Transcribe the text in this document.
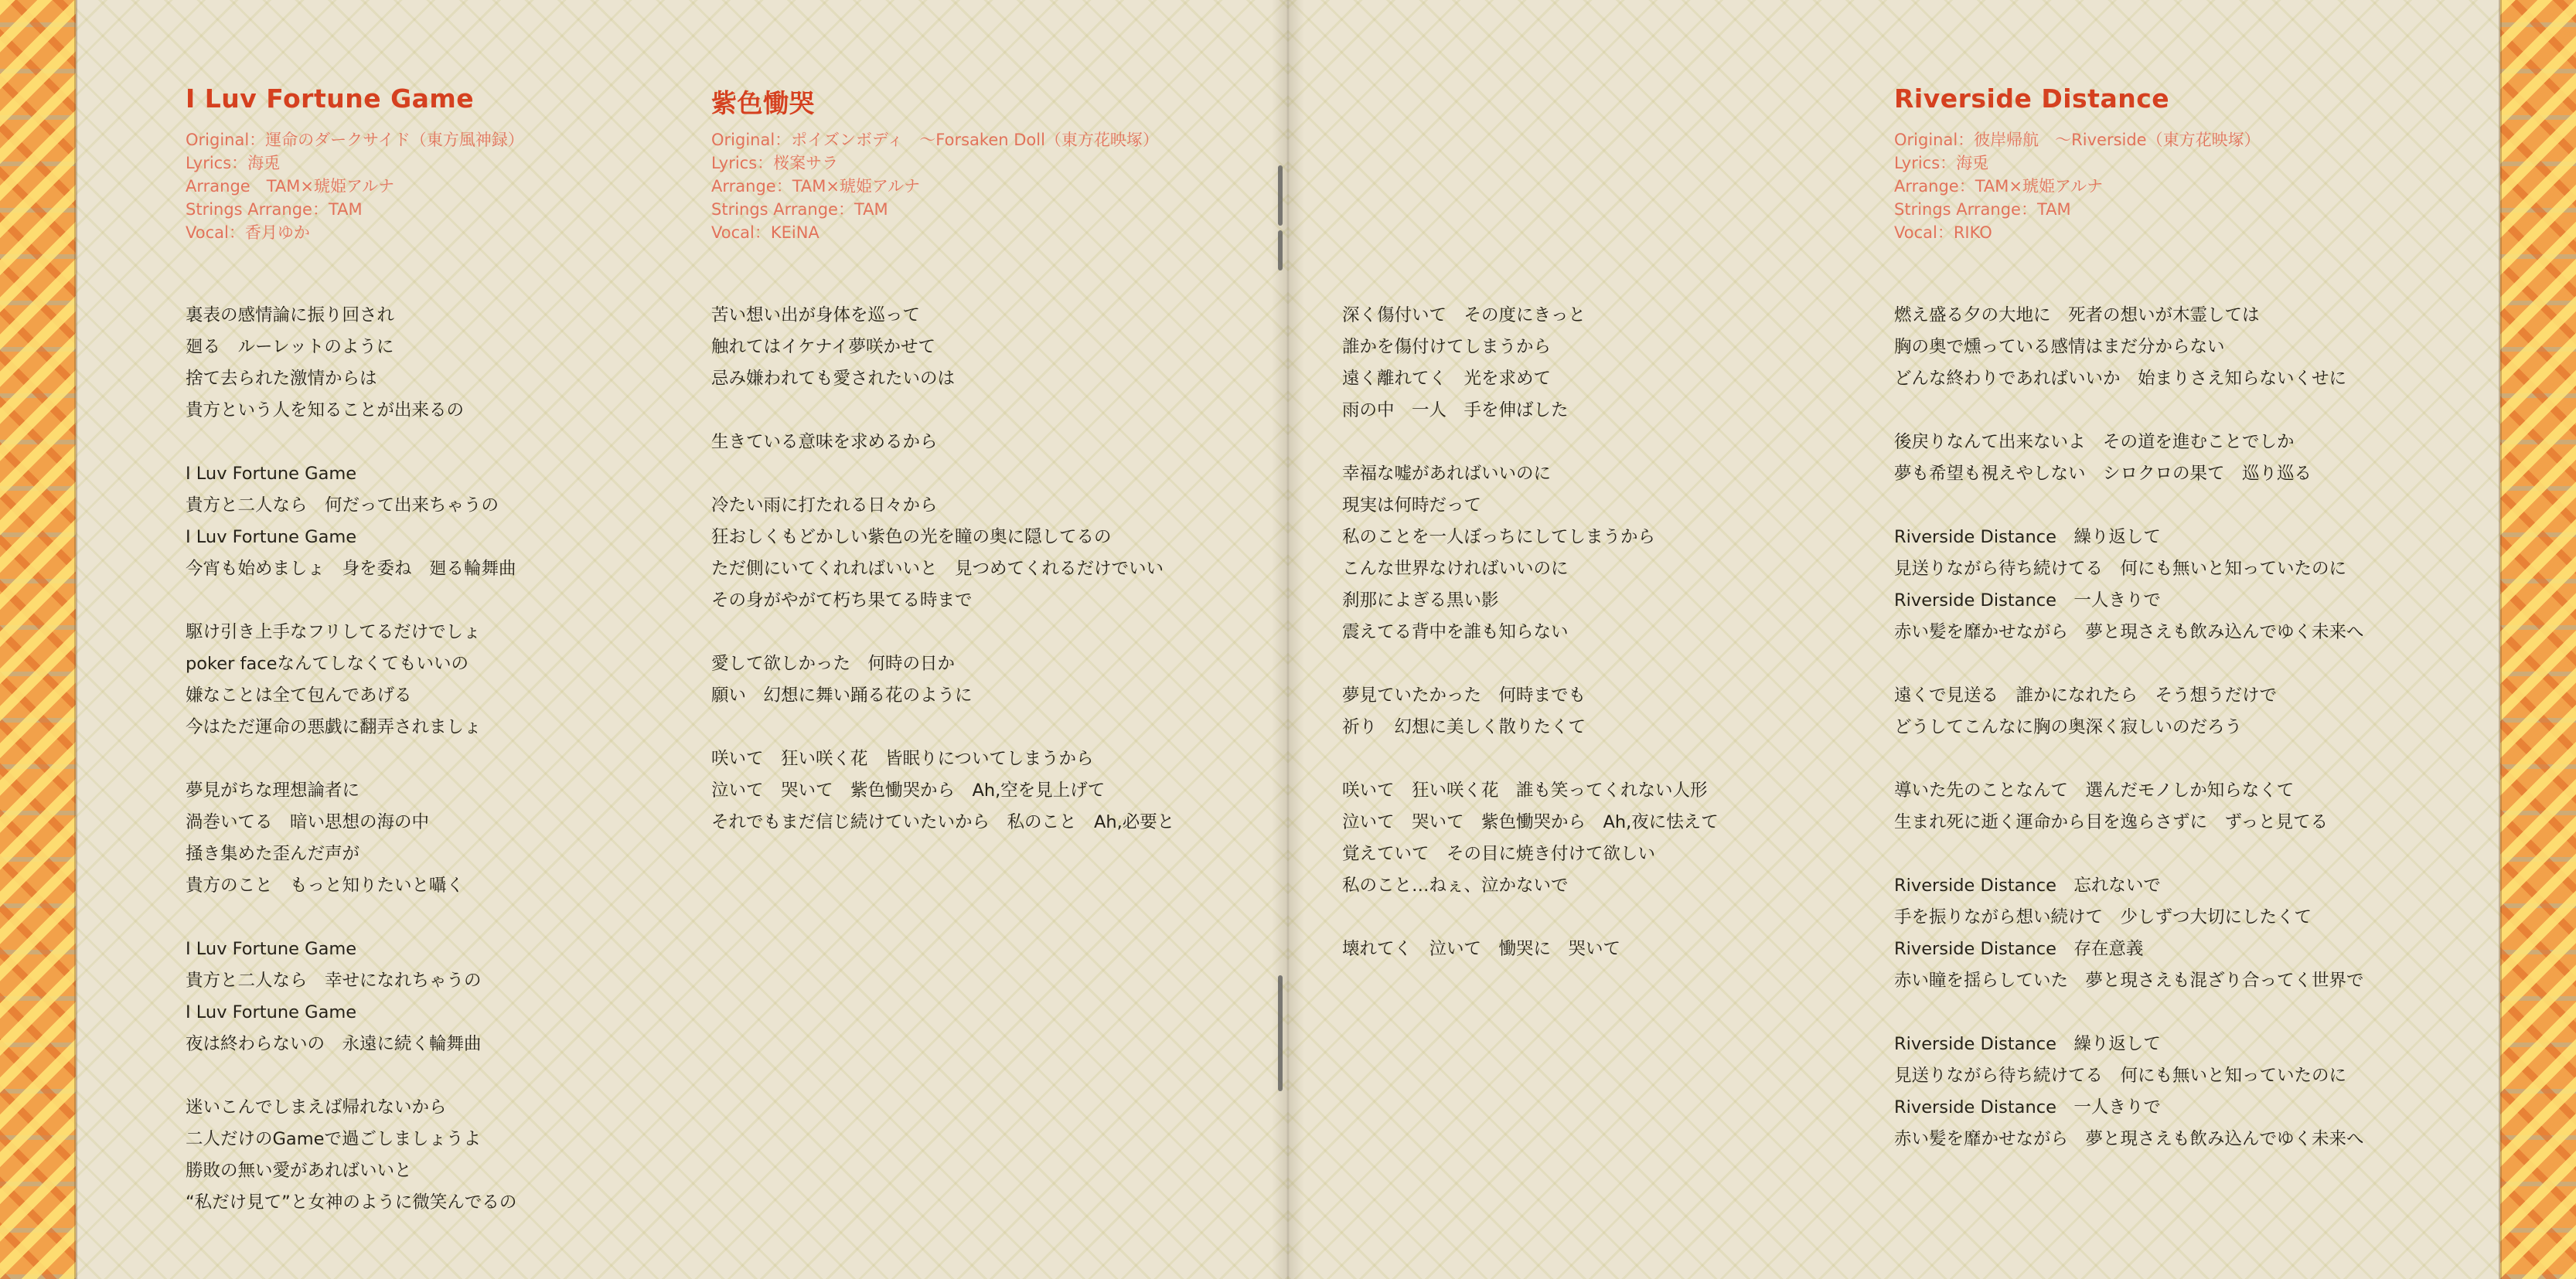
I Luv Fortune Game
Original：運命のダークサイド（東方風神録）
Lyrics：海兎
Arrange　TAM×琥姫アルナ
Strings Arrange：TAM
Vocal：香月ゆか
裏表の感情論に振り回され
廻る　ルーレットのように
捨て去られた激情からは
貴方という人を知ることが出来るの
I Luv Fortune Game
貴方と二人なら　何だって出来ちゃうの
I Luv Fortune Game
今宵も始めましょ　身を委ね　廻る輪舞曲
駆け引き上手なフリしてるだけでしょ
poker faceなんてしなくてもいいの
嫌なことは全て包んであげる
今はただ運命の悪戯に翻弄されましょ
夢見がちな理想論者に
渦巻いてる　暗い思想の海の中
掻き集めた歪んだ声が
貴方のこと　もっと知りたいと囁く
I Luv Fortune Game
貴方と二人なら　幸せになれちゃうの
I Luv Fortune Game
夜は終わらないの　永遠に続く輪舞曲
迷いこんでしまえば帰れないから
二人だけのGameで過ごしましょうよ
勝敗の無い愛があればいいと
“私だけ見て”と女神のように微笑んでるの
紫色慟哭
Original：ポイズンボディ　～Forsaken Doll（東方花映塚）
Lyrics：桜案サラ
Arrange：TAM×琥姫アルナ
Strings Arrange：TAM
Vocal：KEiNA
苦い想い出が身体を巡って
触れてはイケナイ夢咲かせて
忌み嫌われても愛されたいのは
生きている意味を求めるから
冷たい雨に打たれる日々から
狂おしくもどかしい紫色の光を瞳の奥に隠してるの
ただ側にいてくれればいいと　見つめてくれるだけでいい
その身がやがて朽ち果てる時まで
愛して欲しかった　何時の日か
願い　幻想に舞い踊る花のように
咲いて　狂い咲く花　皆眠りについてしまうから
泣いて　哭いて　紫色慟哭から　Ah,空を見上げて
それでもまだ信じ続けていたいから　私のこと　Ah,必要と
深く傷付いて　その度にきっと
誰かを傷付けてしまうから
遠く離れてく　光を求めて
雨の中　一人　手を伸ばした
幸福な嘘があればいいのに
現実は何時だって
私のことを一人ぼっちにしてしまうから
こんな世界なければいいのに
刹那によぎる黒い影
震えてる背中を誰も知らない
夢見ていたかった　何時までも
祈り　幻想に美しく散りたくて
咲いて　狂い咲く花　誰も笑ってくれない人形
泣いて　哭いて　紫色慟哭から　Ah,夜に怯えて
覚えていて　その目に焼き付けて欲しい
私のこと…ねぇ、泣かないで
壊れてく　泣いて　慟哭に　哭いて
Riverside Distance
Original：彼岸帰航　～Riverside（東方花映塚）
Lyrics：海兎
Arrange：TAM×琥姫アルナ
Strings Arrange：TAM
Vocal：RIKO
燃え盛る夕の大地に　死者の想いが木霊しては
胸の奥で燻っている感情はまだ分からない
どんな終わりであればいいか　始まりさえ知らないくせに
後戻りなんて出来ないよ　その道を進むことでしか
夢も希望も視えやしない　シロクロの果て　巡り巡る
Riverside Distance　繰り返して
見送りながら待ち続けてる　何にも無いと知っていたのに
Riverside Distance　一人きりで
赤い髪を靡かせながら　夢と現さえも飲み込んでゆく未来へ
遠くで見送る　誰かになれたら　そう想うだけで
どうしてこんなに胸の奥深く寂しいのだろう
導いた先のことなんて　選んだモノしか知らなくて
生まれ死に逝く運命から目を逸らさずに　ずっと見てる
Riverside Distance　忘れないで
手を振りながら想い続けて　少しずつ大切にしたくて
Riverside Distance　存在意義
赤い瞳を揺らしていた　夢と現さえも混ざり合ってく世界で
Riverside Distance　繰り返して
見送りながら待ち続けてる　何にも無いと知っていたのに
Riverside Distance　一人きりで
赤い髪を靡かせながら　夢と現さえも飲み込んでゆく未来へ
